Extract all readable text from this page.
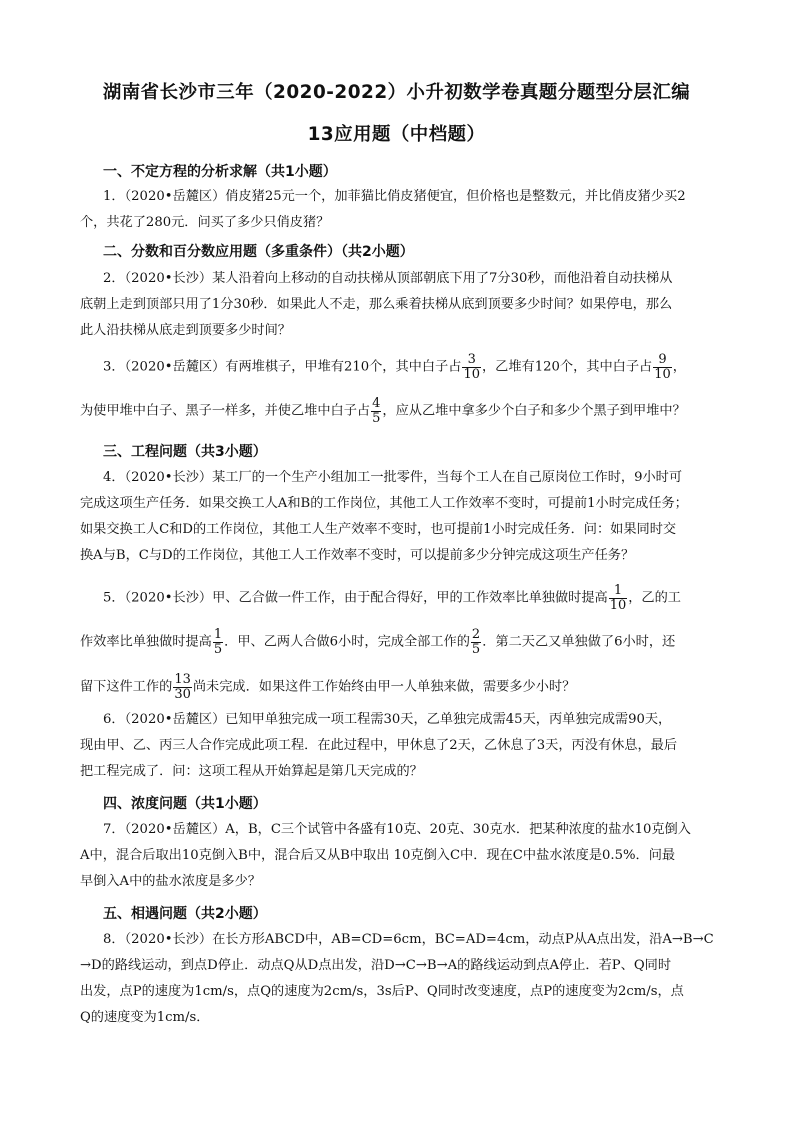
湖南省长沙市三年（2020-2022）小升初数学卷真题分题型分层汇编
13应用题（中档题）
一、不定方程的分析求解（共1小题）
1．（2020•岳麓区）俏皮猪25元一个，加菲猫比俏皮猪便宜，但价格也是整数元，并比俏皮猪少买2
个，共花了280元．问买了多少只俏皮猪？
二、分数和百分数应用题（多重条件）（共2小题）
2．（2020•长沙）某人沿着向上移动的自动扶梯从顶部朝底下用了7分30秒，而他沿着自动扶梯从
底朝上走到顶部只用了1分30秒．如果此人不走，那么乘着扶梯从底到顶要多少时间？如果停电，那么
此人沿扶梯从底走到顶要多少时间？
3．（2020•岳麓区）有两堆棋子，甲堆有210个，其中白子占 $\frac{3}{10}$ ，乙堆有120个，其中白子占 $\frac{9}{10}$ ，
为使甲堆中白子、黑子一样多，并使乙堆中白子占 $\frac{4}{5}$ ，应从乙堆中拿多少个白子和多少个黑子到甲堆中？
三、工程问题（共3小题）
4．（2020•长沙）某工厂的一个生产小组加工一批零件，当每个工人在自己原岗位工作时，9小时可
完成这项生产任务．如果交换工人A和B的工作岗位，其他工人工作效率不变时，可提前1小时完成任务；
如果交换工人C和D的工作岗位，其他工人生产效率不变时，也可提前1小时完成任务．问：如果同时交
换A与B，C与D的工作岗位，其他工人工作效率不变时，可以提前多少分钟完成这项生产任务？
5．（2020•长沙）甲、乙合做一件工作，由于配合得好，甲的工作效率比单独做时提高 $\frac{1}{10}$ ，乙的工
作效率比单独做时提高 $\frac{1}{5}$ ．甲、乙两人合做6小时，完成全部工作的 $\frac{2}{5}$ ．第二天乙又单独做了6小时，还
留下这件工作的 $\frac{13}{30}$ 尚未完成．如果这件工作始终由甲一人单独来做，需要多少小时？
6．（2020•岳麓区）已知甲单独完成一项工程需30天，乙单独完成需45天，丙单独完成需90天，
现由甲、乙、丙三人合作完成此项工程．在此过程中，甲休息了2天，乙休息了3天，丙没有休息，最后
把工程完成了．问：这项工程从开始算起是第几天完成的？
四、浓度问题（共1小题）
7．（2020•岳麓区）A，B，C三个试管中各盛有10克、20克、30克水．把某种浓度的盐水10克倒入
A中，混合后取出10克倒入B中，混合后又从B中取出 10克倒入C中．现在C中盐水浓度是0.5%．问最
早倒入A中的盐水浓度是多少？
五、相遇问题（共2小题）
8．（2020•长沙）在长方形ABCD中，AB=CD=6cm，BC=AD=4cm，动点P从A点出发，沿A→B→C
→D的路线运动，到点D停止．动点Q从D点出发，沿D→C→B→A的路线运动到点A停止．若P、Q同时
出发，点P的速度为1cm/s，点Q的速度为2cm/s，3s后P、Q同时改变速度，点P的速度变为2cm/s，点
Q的速度变为1cm/s．
